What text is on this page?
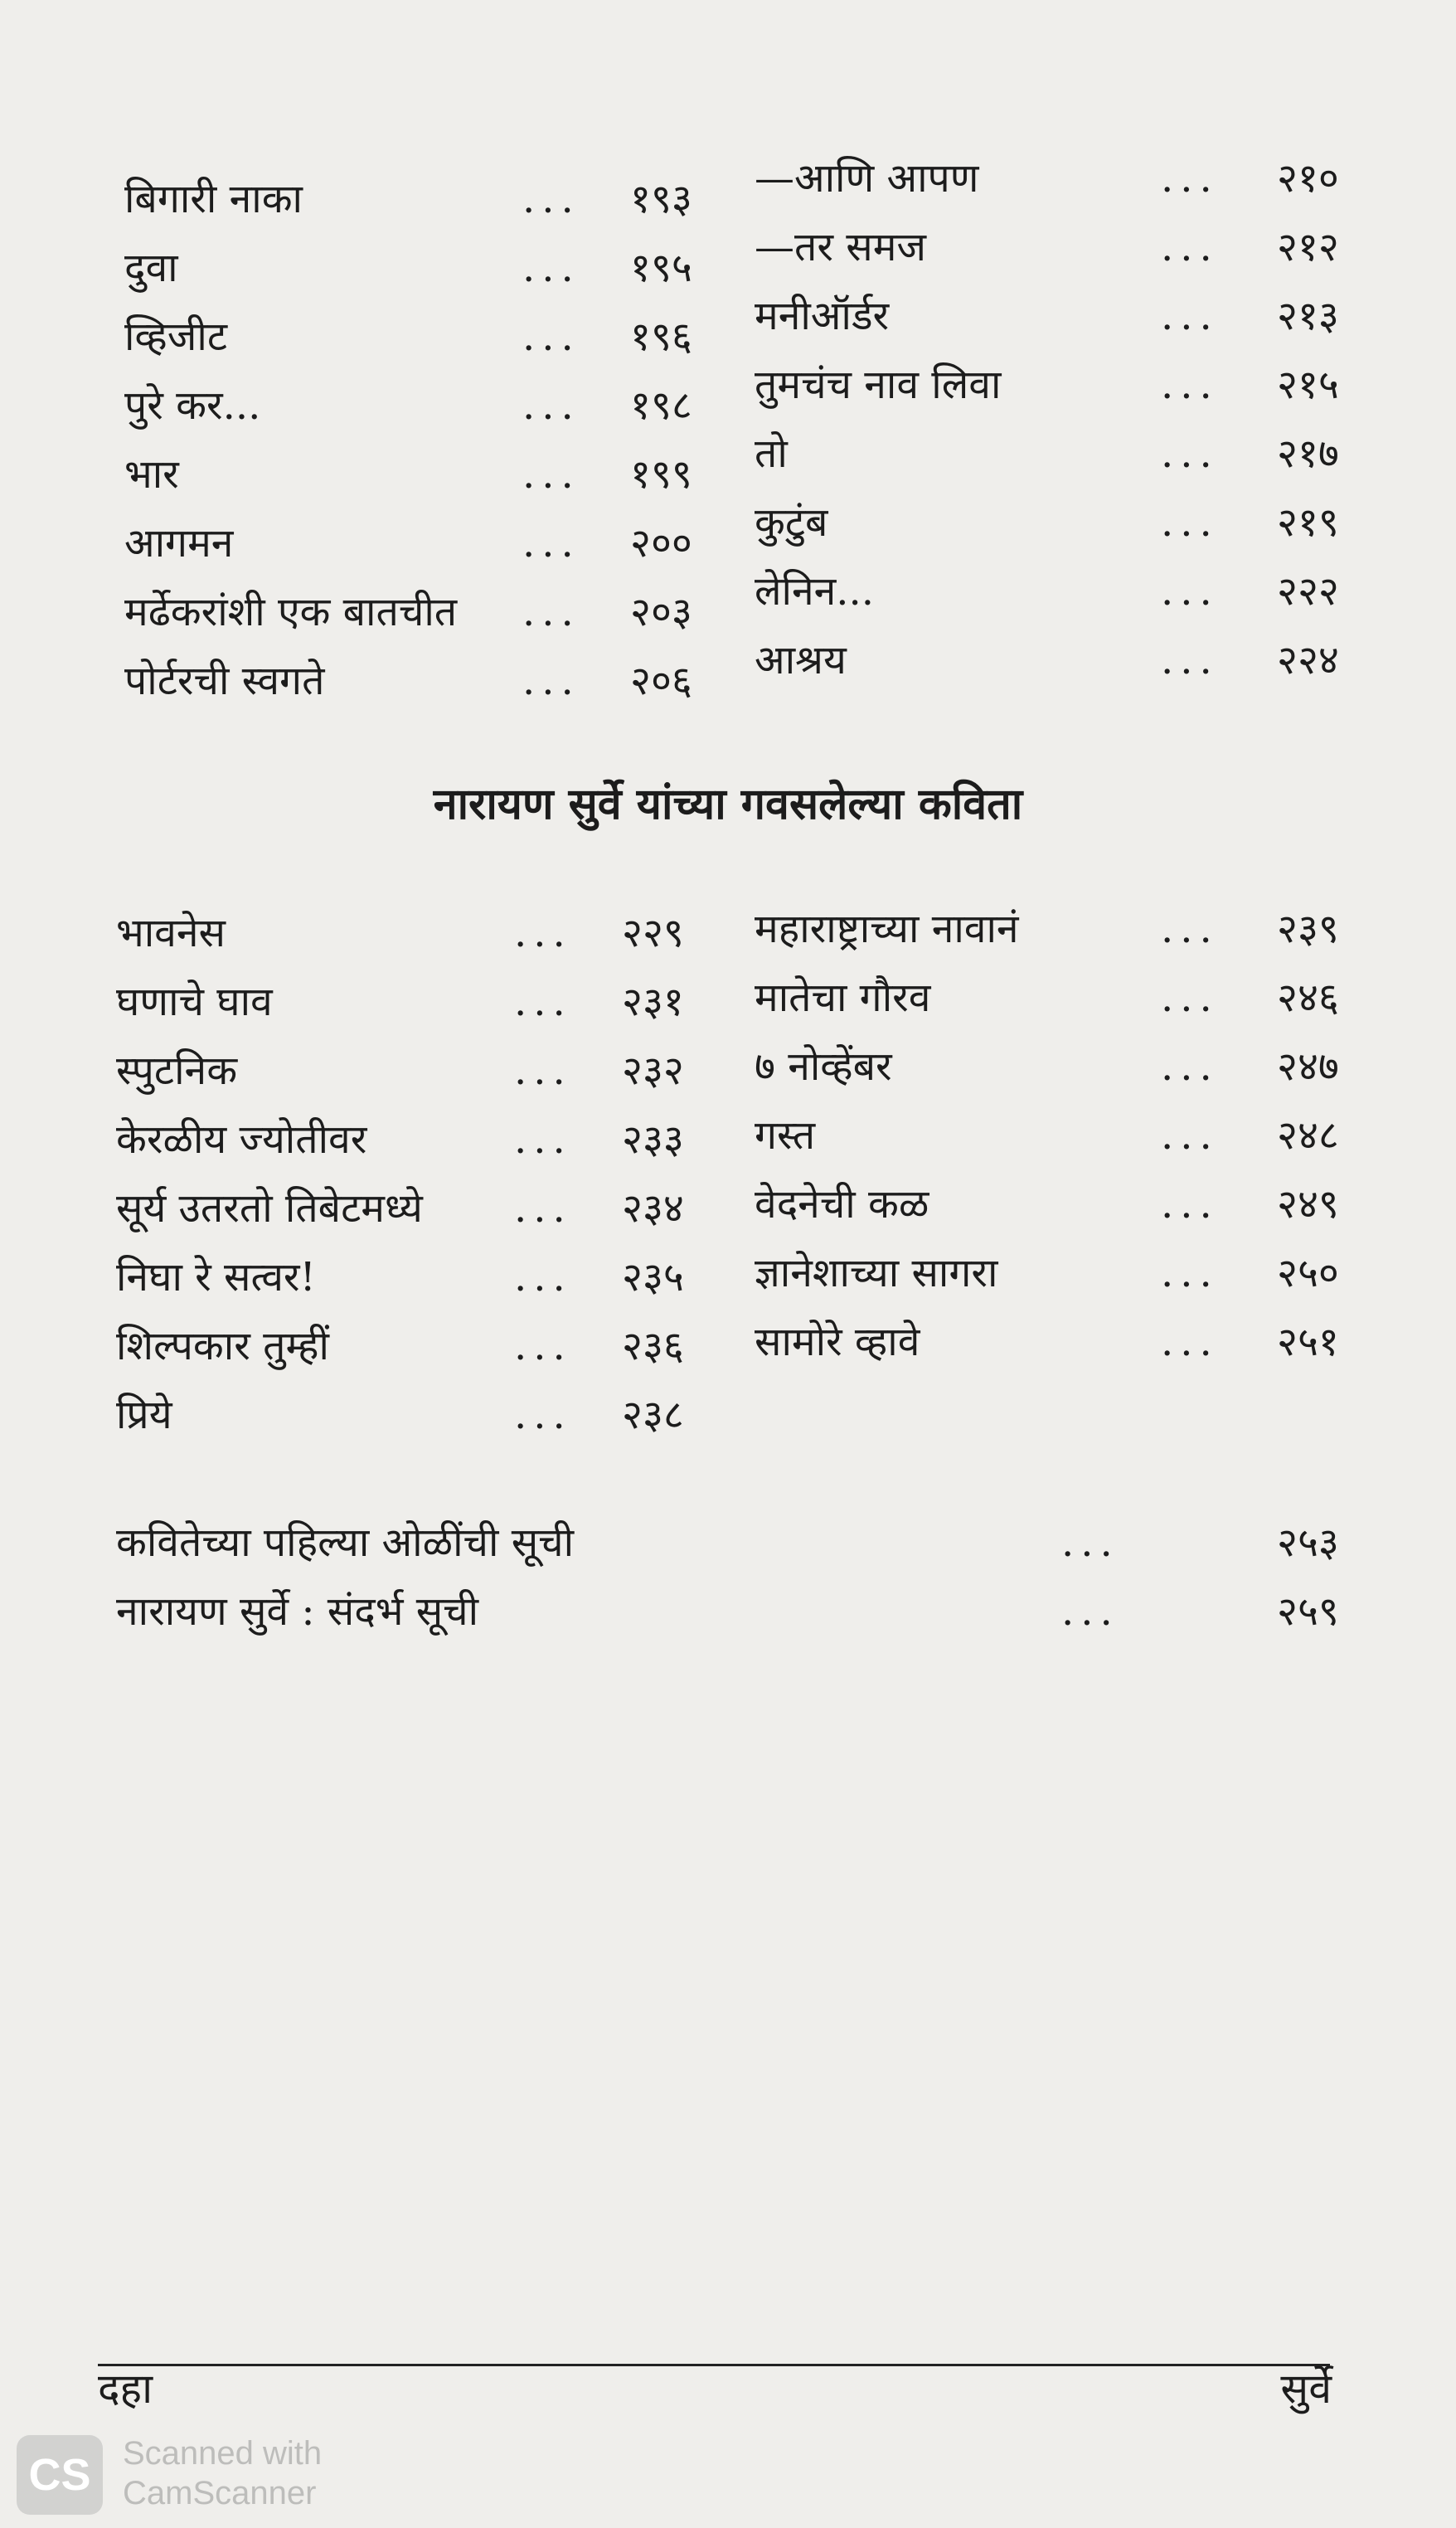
बिगारी नाका	... १९३
दुवा	... १९५
व्हिजीट	... १९६
पुरे कर...	... १९८
भार	... १९९
आगमन	... २००
मर्ढेकरांशी एक बातचीत ... २०३
पोर्टरची स्वगते	... २०६
—आणि आपण	... २१०
—तर समज	... २१२
मनीऑर्डर	... २१३
तुमचंच नाव लिवा	... २१५
तो	... २१७
कुटुंब	... २१९
लेनिन...	... २२२
आश्रय	... २२४
नारायण सुर्वे यांच्या गवसलेल्या कविता
भावनेस	... २२९
घणाचे घाव	... २३१
स्पुटनिक	... २३२
केरळीय ज्योतीवर	... २३३
सूर्य उतरतो तिबेटमध्ये ... २३४
निघा रे सत्वर!	... २३५
शिल्पकार तुम्हीं	... २३६
प्रिये	... २३८
महाराष्ट्राच्या नावानं	... २३९
मातेचा गौरव	... २४६
७ नोव्हेंबर	... २४७
गस्त	... २४८
वेदनेची कळ	... २४९
ज्ञानेशाच्या सागरा	... २५०
सामोरे व्हावे	... २५१
कवितेच्या पहिल्या ओळींची सूची	...	२५३
नारायण सुर्वे : संदर्भ सूची	...	२५९
दहा	सुर्वे
CS Scanned with
CamScanner
